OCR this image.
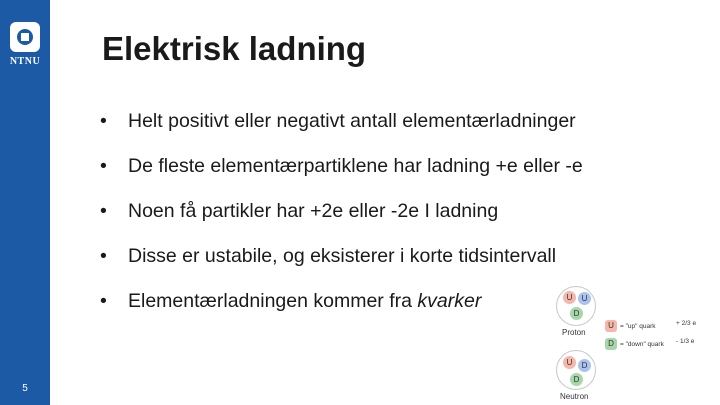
NTNU
5
Elektrisk ladning
• Helt positivt eller negativt antall elementærladninger
• De fleste elementærpartiklene har ladning +e eller -e
• Noen få partikler har +2e eller -2e I ladning
• Disse er ustabile, og eksisterer i korte tidsintervall
• Elementærladningen kommer fra kvarker	U	U
D
Proton
U = "up" quark	+ 2/3 e
D = "down" quark - 1/3 e
U	D
D
Neutron
